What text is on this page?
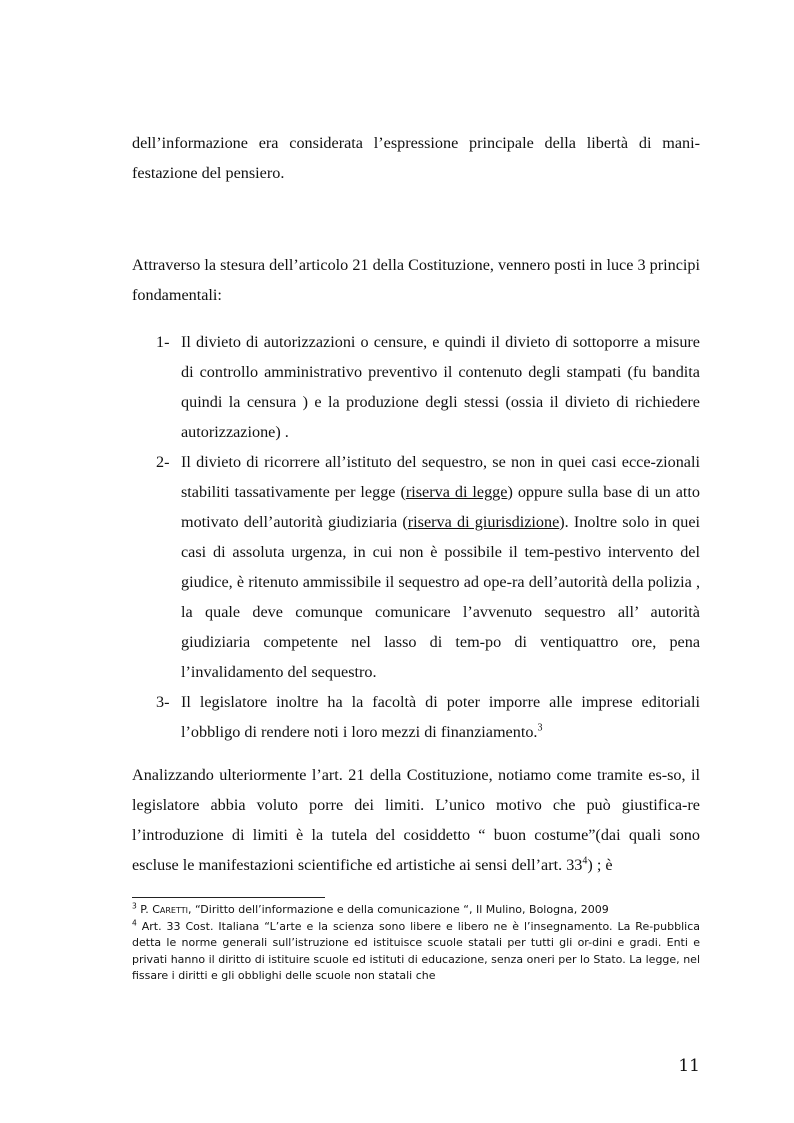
dell’informazione era considerata l’espressione principale della libertà di mani-festazione del pensiero.

Attraverso la stesura dell’articolo 21 della Costituzione, vennero posti in luce 3 principi fondamentali:

1- Il divieto di autorizzazioni o censure, e quindi il divieto di sottoporre a misure di controllo amministrativo preventivo il contenuto degli stampati (fu bandita quindi la censura ) e la produzione degli stessi (ossia il divieto di richiedere autorizzazione) .
2- Il divieto di ricorrere all’istituto del sequestro, se non in quei casi ecce-zionali stabiliti tassativamente per legge (riserva di legge) oppure sulla base di un atto motivato dell’autorità giudiziaria (riserva di giurisdizione). Inoltre solo in quei casi di assoluta urgenza, in cui non è possibile il tem-pestivo intervento del giudice, è ritenuto ammissibile il sequestro ad ope-ra dell’autorità della polizia , la quale deve comunque comunicare l’avvenuto sequestro all’ autorità giudiziaria competente nel lasso di tem-po di ventiquattro ore, pena l’invalidamento del sequestro.
3- Il legislatore inoltre ha la facoltà di poter imporre alle imprese editoriali l’obbligo di rendere noti i loro mezzi di finanziamento.$^3$

Analizzando ulteriormente l’art. 21 della Costituzione, notiamo come tramite es-so, il legislatore abbia voluto porre dei limiti. L’unico motivo che può giustifica-re l’introduzione di limiti è la tutela del cosiddetto “ buon costume”(dai quali sono escluse le manifestazioni scientifiche ed artistiche ai sensi dell’art. $33^4$) ; è

$^3$ P. Caretti, “Diritto dell’informazione e della comunicazione “, Il Mulino, Bologna, 2009

$^4$ Art. 33 Cost. Italiana “L’arte e la scienza sono libere e libero ne è l’insegnamento. La Re-pubblica detta le norme generali sull’istruzione ed istituisce scuole statali per tutti gli or-dini e gradi. Enti e privati hanno il diritto di istituire scuole ed istituti di educazione, senza oneri per lo Stato. La legge, nel fissare i diritti e gli obblighi delle scuole non statali che

11
